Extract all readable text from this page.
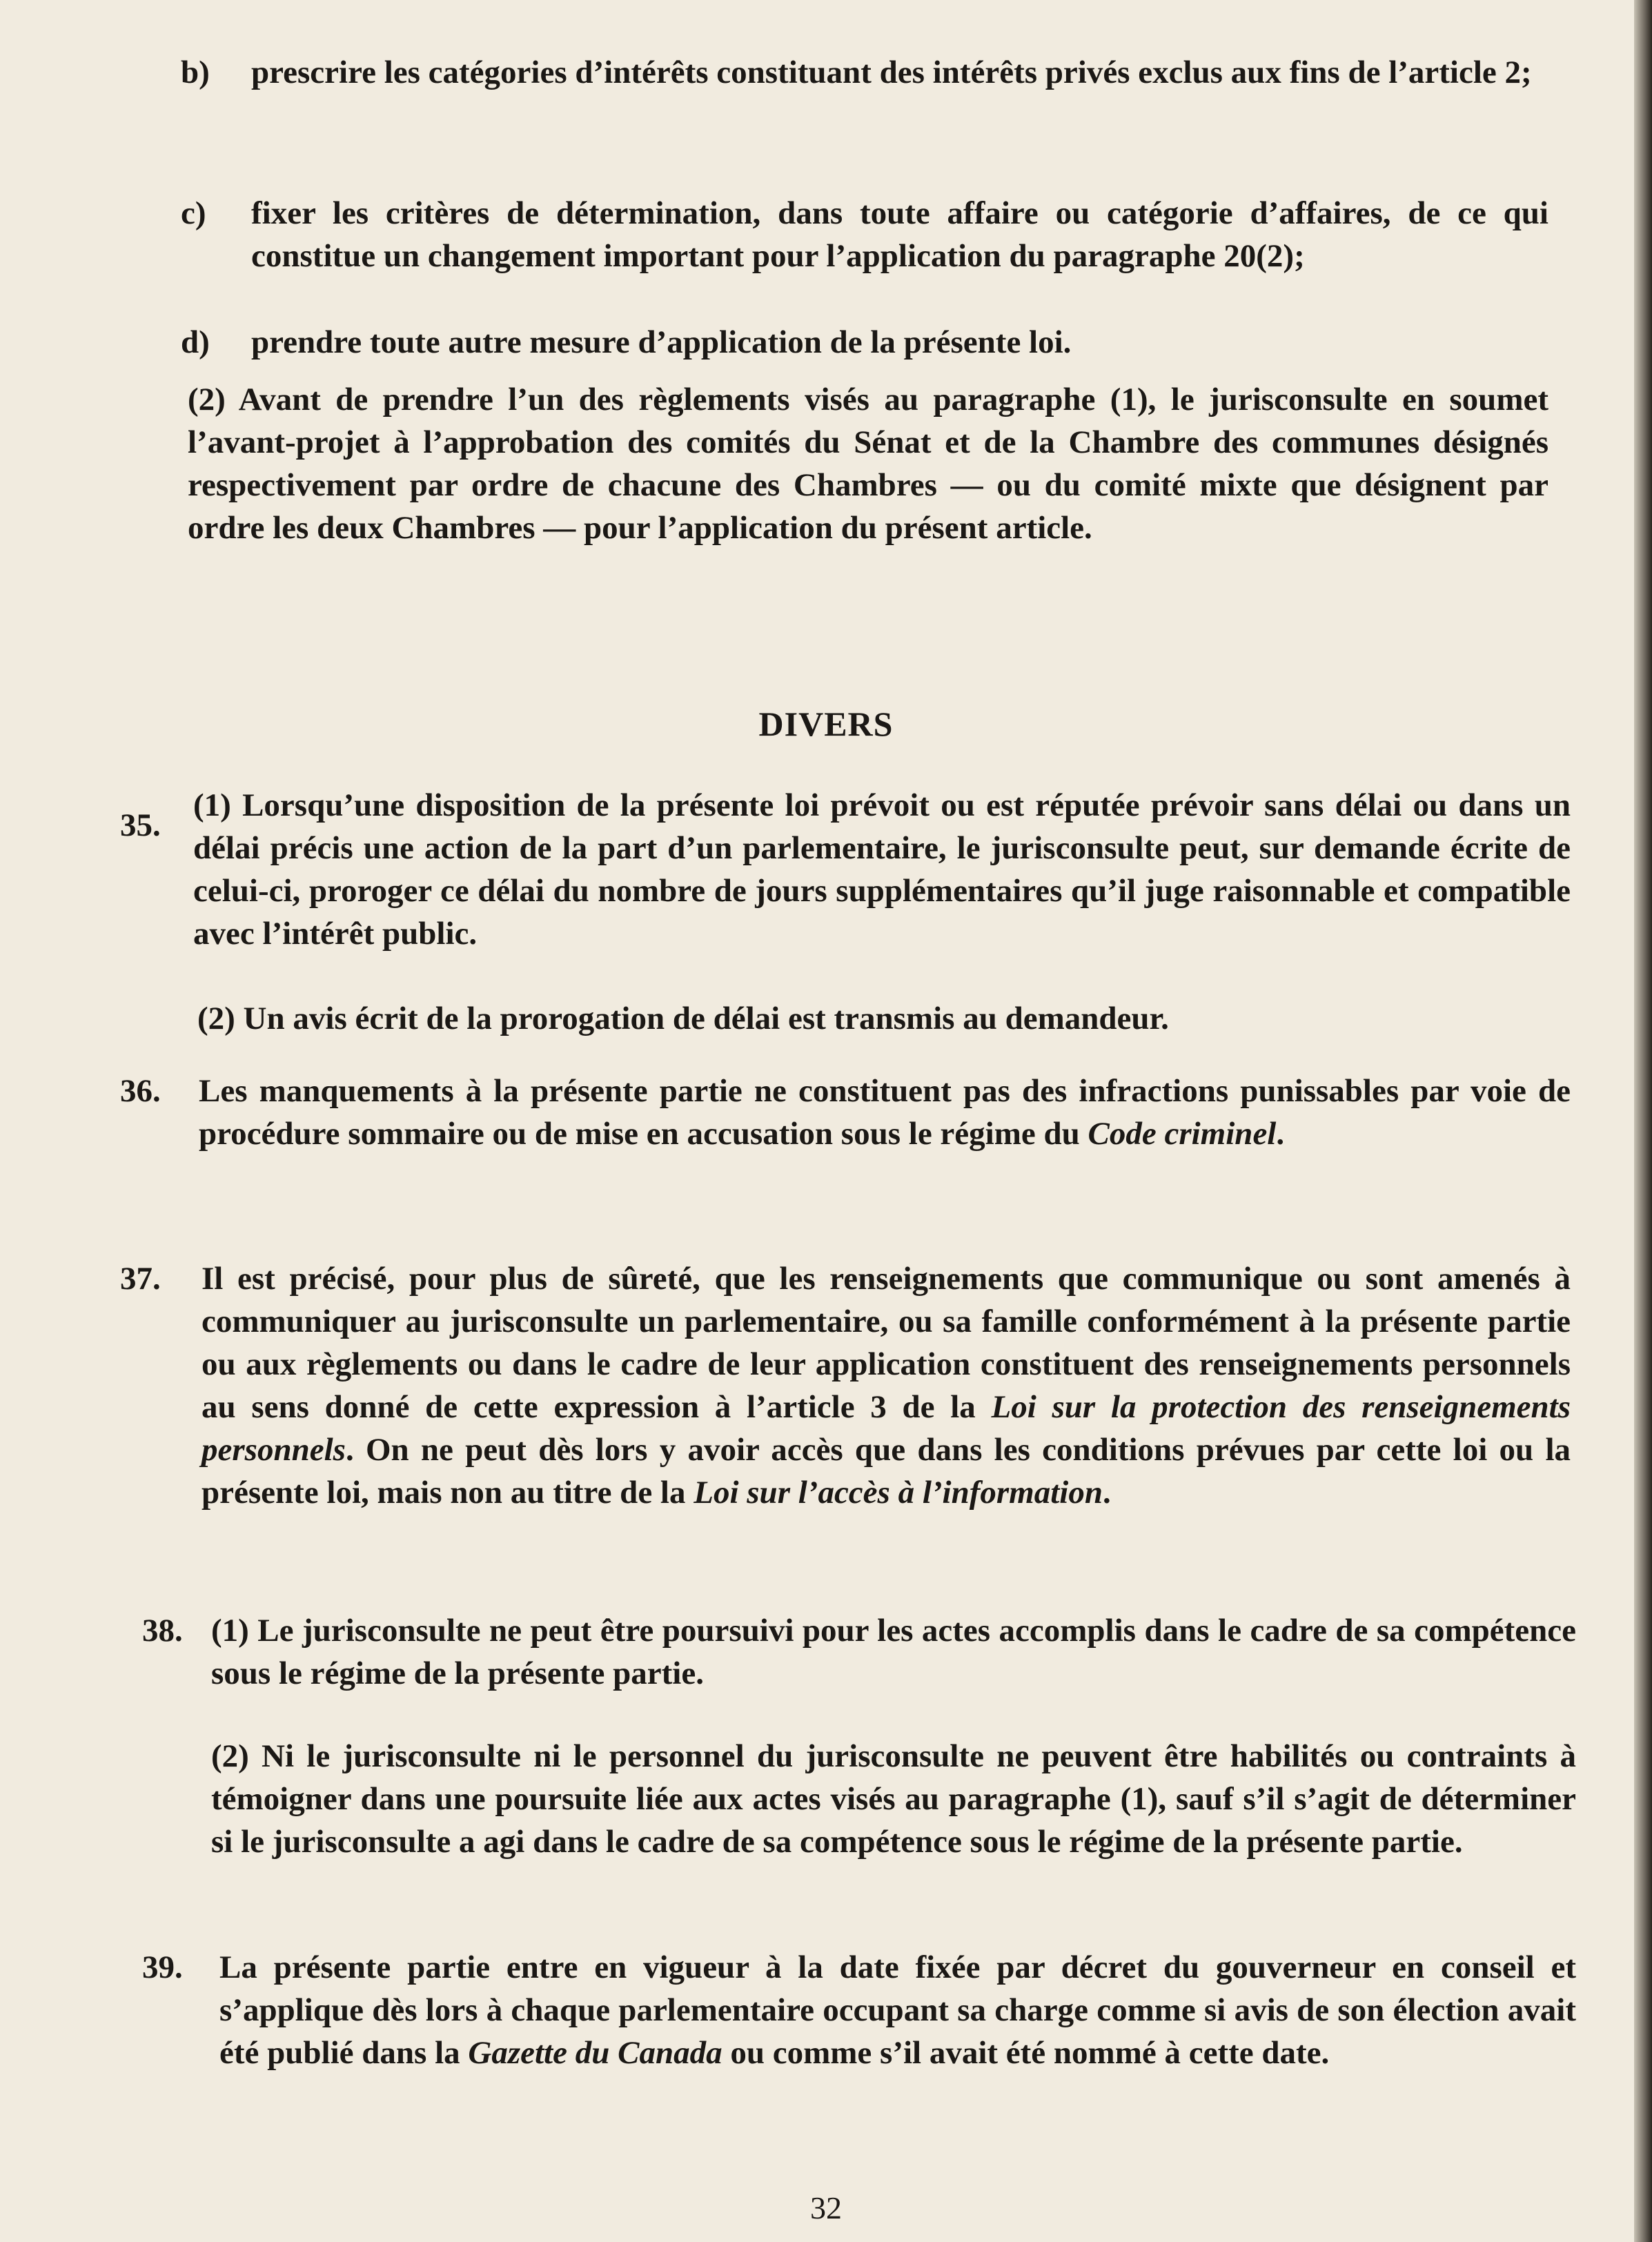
b) prescrire les catégories d’intérêts constituant des intérêts privés exclus aux fins de l’article 2;
c) fixer les critères de détermination, dans toute affaire ou catégorie d’affaires, de ce qui constitue un changement important pour l’application du paragraphe 20(2);
d) prendre toute autre mesure d’application de la présente loi.
(2) Avant de prendre l’un des règlements visés au paragraphe (1), le jurisconsulte en soumet l’avant-projet à l’approbation des comités du Sénat et de la Chambre des communes désignés respectivement par ordre de chacune des Chambres — ou du comité mixte que désignent par ordre les deux Chambres — pour l’application du présent article.
DIVERS
35.
(1) Lorsqu’une disposition de la présente loi prévoit ou est réputée prévoir sans délai ou dans un délai précis une action de la part d’un parlementaire, le jurisconsulte peut, sur demande écrite de celui-ci, proroger ce délai du nombre de jours supplémentaires qu’il juge raisonnable et compatible avec l’intérêt public.
(2) Un avis écrit de la prorogation de délai est transmis au demandeur.
36. Les manquements à la présente partie ne constituent pas des infractions punissables par voie de procédure sommaire ou de mise en accusation sous le régime du Code criminel.
37. Il est précisé, pour plus de sûreté, que les renseignements que communique ou sont amenés à communiquer au jurisconsulte un parlementaire, ou sa famille conformément à la présente partie ou aux règlements ou dans le cadre de leur application constituent des renseignements personnels au sens donné de cette expression à l’article 3 de la Loi sur la protection des renseignements personnels. On ne peut dès lors y avoir accès que dans les conditions prévues par cette loi ou la présente loi, mais non au titre de la Loi sur l’accès à l’information.
38. (1) Le jurisconsulte ne peut être poursuivi pour les actes accomplis dans le cadre de sa compétence sous le régime de la présente partie.
(2) Ni le jurisconsulte ni le personnel du jurisconsulte ne peuvent être habilités ou contraints à témoigner dans une poursuite liée aux actes visés au paragraphe (1), sauf s’il s’agit de déterminer si le jurisconsulte a agi dans le cadre de sa compétence sous le régime de la présente partie.
39. La présente partie entre en vigueur à la date fixée par décret du gouverneur en conseil et s’applique dès lors à chaque parlementaire occupant sa charge comme si avis de son élection avait été publié dans la Gazette du Canada ou comme s’il avait été nommé à cette date.
32
